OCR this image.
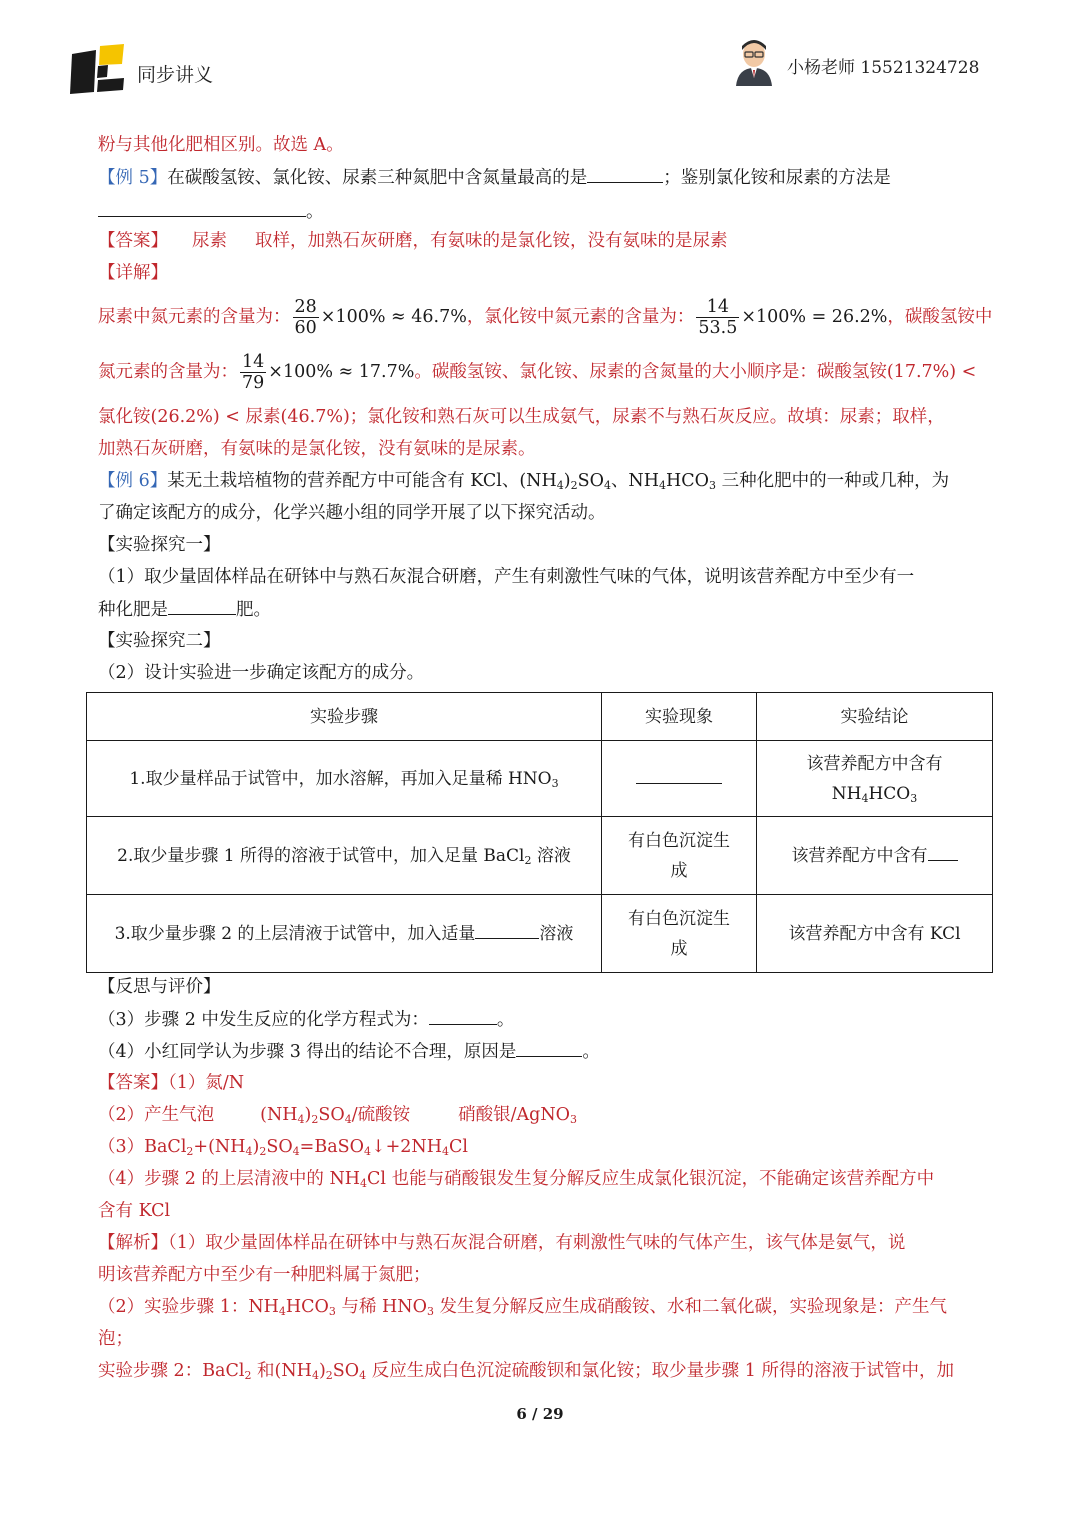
同步讲义	小杨老师 15521324728
粉与其他化肥相区别。故选 A。
【例 5】在碳酸氢铵、氯化铵、尿素三种氮肥中含氮量最高的是	；鉴别氯化铵和尿素的方法是
。
【答案】 尿素 取样，加熟石灰研磨，有氨味的是氯化铵，没有氨味的是尿素
【详解】
尿素中氮元素的含量为： $\frac{28}{60} \times 100\% \approx 46.7\%$，氯化铵中氮元素的含量为： $\frac{14}{53.5} \times 100\% = 26.2\%$，碳酸氢铵中
氮元素的含量为： $\frac{14}{79} \times 100\% \approx 17.7\%$。碳酸氢铵、氯化铵、尿素的含氮量的大小顺序是：碳酸氢铵(17.7%) <
氯化铵(26.2%) < 尿素(46.7%)；氯化铵和熟石灰可以生成氨气，尿素不与熟石灰反应。故填：尿素；取样，
加熟石灰研磨，有氨味的是氯化铵，没有氨味的是尿素。
【例 6】某无土栽培植物的营养配方中可能含有 KCl、$(NH_4)_2SO_4$、$NH_4HCO_3$ 三种化肥中的一种或几种，为
了确定该配方的成分，化学兴趣小组的同学开展了以下探究活动。
【实验探究一】
（1）取少量固体样品在研钵中与熟石灰混合研磨，产生有刺激性气味的气体，说明该营养配方中至少有一
种化肥是	肥。
【实验探究二】
（2）设计实验进一步确定该配方的成分。
实验步骤	实验现象	实验结论
1.取少量样品于试管中，加水溶解，再加入足量稀 $HNO_3$		该营养配方中含有
$NH_4HCO_3$

2.取少量步骤 1 所得的溶液于试管中，加入足量 BaCl$_2$ 溶液	有白色沉淀生
成	该营养配方中含有
3.取少量步骤 2 的上层清液于试管中，加入适量 溶液	有白色沉淀生
成	该营养配方中含有 KCl
【反思与评价】
（3）步骤 2 中发生反应的化学方程式为：	。
（4）小红同学认为步骤 3 得出的结论不合理，原因是	。
【答案】（1）氮/N
（2）产生气泡	$(NH_4)_2SO_4/$硫酸铵	硝酸银/AgNO$_3$
$(3)BaCl_2+(NH_4)_2SO_4=BaSO_4↓+2NH_4Cl$
（4）步骤 2 的上层清液中的 $NH_4Cl$ 也能与硝酸银发生复分解反应生成氯化银沉淀，不能确定该营养配方中
含有 KCl
【解析】（1）取少量固体样品在研钵中与熟石灰混合研磨，有刺激性气味的气体产生，该气体是氨气，说
明该营养配方中至少有一种肥料属于氮肥；
（2）实验步骤 1：$NH_4HCO_3$ 与稀 $HNO_3$ 发生复分解反应生成硝酸铵、水和二氧化碳，实验现象是：产生气
泡；
实验步骤 2：BaCl$_2$ 和$(NH_4)_2SO_4$ 反应生成白色沉淀硫酸钡和氯化铵；取少量步骤 1 所得的溶液于试管中，加
6 / 29
